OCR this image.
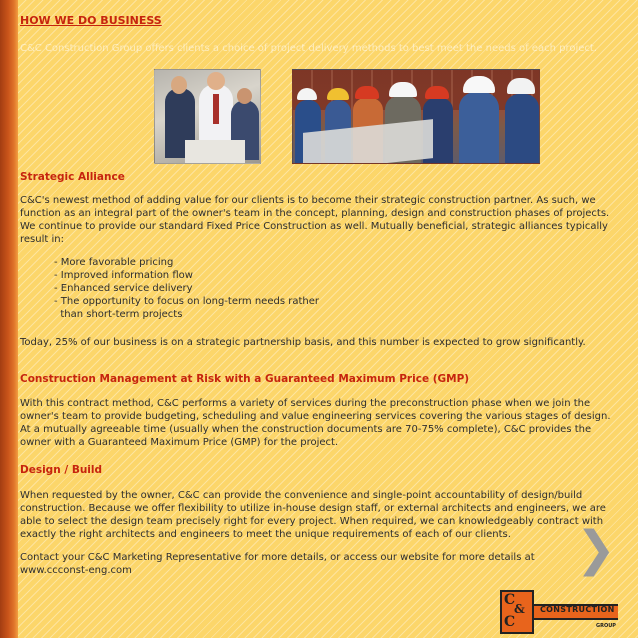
HOW WE DO BUSINESS
C&C Construction Group offers clients a choice of project delivery methods to best meet the needs of each project.
Strategic Alliance
C&C's newest method of adding value for our clients is to become their strategic construction partner. As such, we function as an integral part of the owner's team in the concept, planning, design and construction phases of projects. We continue to provide our standard Fixed Price Construction as well. Mutually beneficial, strategic alliances typically result in:
- More favorable pricing
- Improved information flow
- Enhanced service delivery
- The opportunity to focus on long-term needs rather
than short-term projects
Today, 25% of our business is on a strategic partnership basis, and this number is expected to grow significantly.
Construction Management at Risk with a Guaranteed Maximum Price (GMP)
With this contract method, C&C performs a variety of services during the preconstruction phase when we join the owner's team to provide budgeting, scheduling and value engineering services covering the various stages of design. At a mutually agreeable time (usually when the construction documents are 70-75% complete), C&C provides the owner with a Guaranteed Maximum Price (GMP) for the project.
Design / Build
When requested by the owner, C&C can provide the convenience and single-point accountability of design/build construction. Because we offer flexibility to utilize in-house design staff, or external architects and engineers, we are able to select the design team precisely right for every project. When required, we can knowledgeably contract with exactly the right architects and engineers to meet the unique requirements of each of our clients.
Contact your C&C Marketing Representative for more details, or access our website for more details at www.ccconst-eng.com
C
&
C
CONSTRUCTION
GROUP
❯
